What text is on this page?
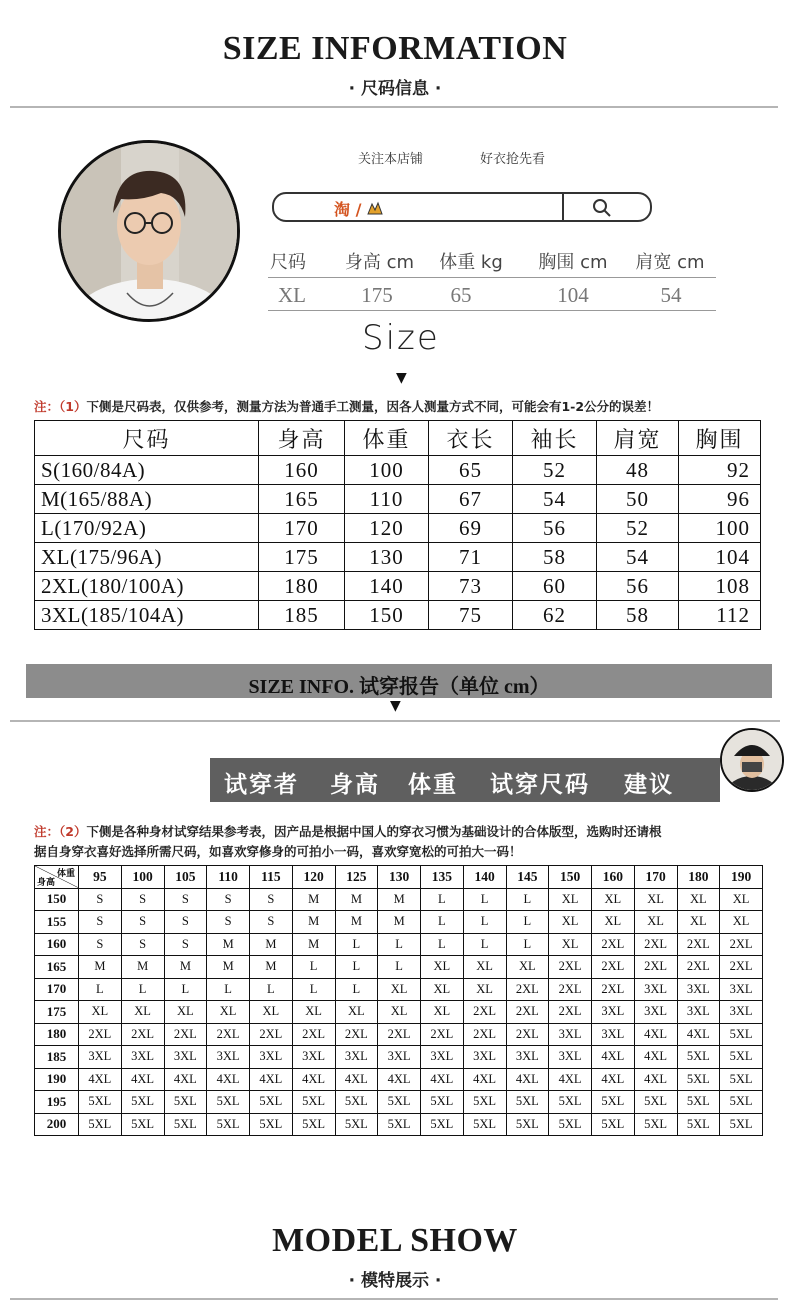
SIZE INFORMATION
· 尺码信息 ·
关注本店铺	好衣抢先看
淘 /
尺码	身高 cm 体重 kg 胸围 cm 肩宽 cm
XL	175	65	104	54
Size
▼
注：（1）下侧是尺码表，仅供参考，测量方法为普通手工测量，因各人测量方式不同，可能会有1-2公分的误差！
尺码	身高	体重	衣长	袖长	肩宽	胸围
S(160/84A)	160	100	65	52	48	92
M(165/88A)	165	110	67	54	50	96
L(170/92A)	170	120	69	56	52	100
XL(175/96A)	175	130	71	58	54	104
2XL(180/100A)	180	140	73	60	56	108
3XL(185/104A)	185	150	75	62	58	112
SIZE INFO. 试穿报告（单位 cm）
▼
试穿者 身高 体重 试穿尺码 建议
注：（2）下侧是各种身材试穿结果参考表，因产品是根据中国人的穿衣习惯为基础设计的合体版型，选购时还请根
据自身穿衣喜好选择所需尺码，如喜欢穿修身的可拍小一码，喜欢穿宽松的可拍大一码！
体重
身高	95	100	105	110	115	120	125	130	135	140	145	150	160	170	180	190
150	S	S	S	S	S	M	M	M	L	L	L	XL	XL	XL	XL	XL
155	S	S	S	S	S	M	M	M	L	L	L	XL	XL	XL	XL	XL
160	S	S	S	M	M	M	L	L	L	L	L	XL	2XL	2XL	2XL	2XL
165	M	M	M	M	M	L	L	L	XL	XL	XL	2XL	2XL	2XL	2XL	2XL
170	L	L	L	L	L	L	L	XL	XL	XL	2XL	2XL	2XL	3XL	3XL	3XL
175	XL	XL	XL	XL	XL	XL	XL	XL	XL	2XL	2XL	2XL	3XL	3XL	3XL	3XL
180	2XL	2XL	2XL	2XL	2XL	2XL	2XL	2XL	2XL	2XL	2XL	3XL	3XL	4XL	4XL	5XL
185	3XL	3XL	3XL	3XL	3XL	3XL	3XL	3XL	3XL	3XL	3XL	3XL	4XL	4XL	5XL	5XL
190	4XL	4XL	4XL	4XL	4XL	4XL	4XL	4XL	4XL	4XL	4XL	4XL	4XL	4XL	5XL	5XL
195	5XL	5XL	5XL	5XL	5XL	5XL	5XL	5XL	5XL	5XL	5XL	5XL	5XL	5XL	5XL	5XL
200	5XL	5XL	5XL	5XL	5XL	5XL	5XL	5XL	5XL	5XL	5XL	5XL	5XL	5XL	5XL	5XL
MODEL SHOW
· 模特展示 ·
